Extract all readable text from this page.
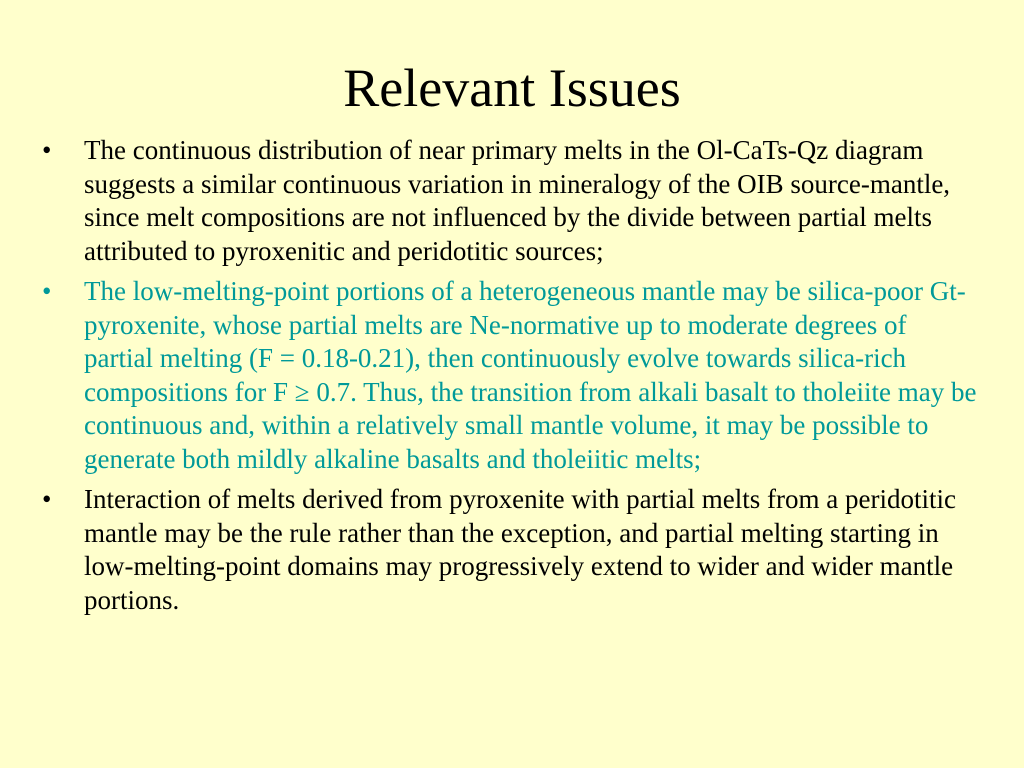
Relevant Issues
•	The continuous distribution of near primary melts in the Ol-CaTs-Qz diagram suggests a similar continuous variation in mineralogy of the OIB source-mantle, since melt compositions are not influenced by the divide between partial melts attributed to pyroxenitic and peridotitic sources;
•	The low-melting-point portions of a heterogeneous mantle may be silica-poor Gt-pyroxenite, whose partial melts are Ne-normative up to moderate degrees of partial melting (F = 0.18-0.21), then continuously evolve towards silica-rich compositions for F ≥ 0.7. Thus, the transition from alkali basalt to tholeiite may be continuous and, within a relatively small mantle volume, it may be possible to generate both mildly alkaline basalts and tholeiitic melts;
•	Interaction of melts derived from pyroxenite with partial melts from a peridotitic mantle may be the rule rather than the exception, and partial melting starting in low-melting-point domains may progressively extend to wider and wider mantle portions.
